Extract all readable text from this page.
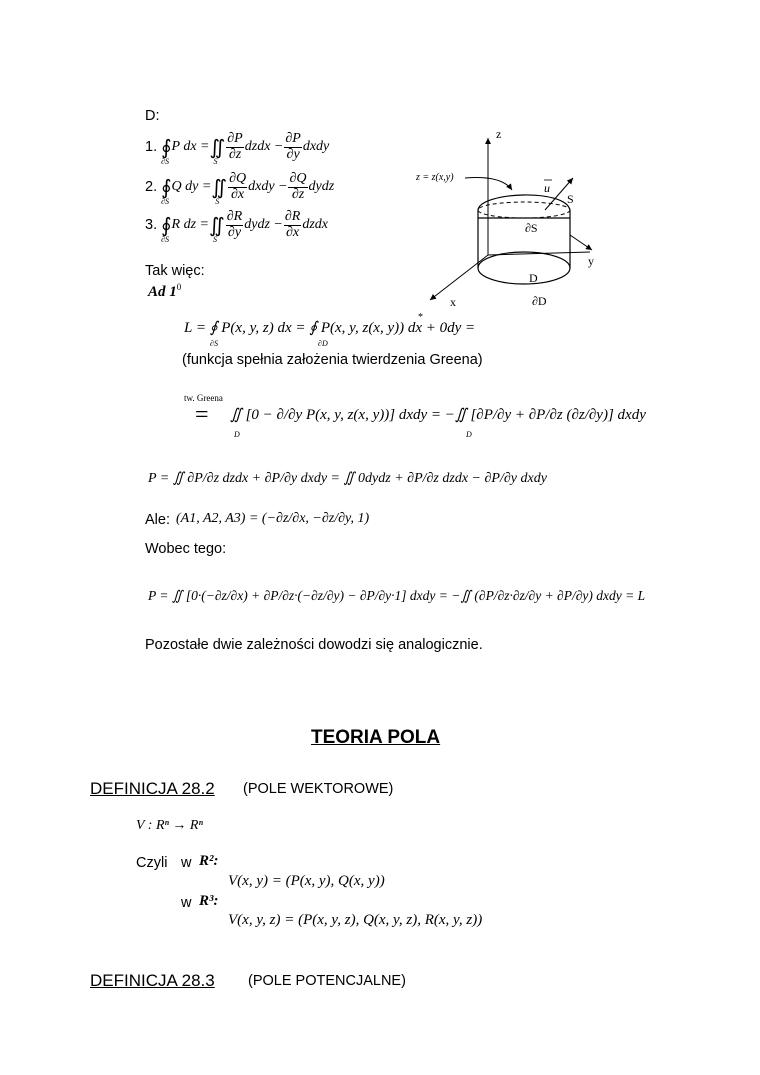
D:
1. ∮
∂S
P dx = ∬
S $\frac{\partial P}{\partial z}$ dzdx − $\frac{\partial P}{\partial y}$ dxdy
2. ∮
∂S
Q dy = ∬
S $\frac{\partial Q}{\partial x}$ dxdy − $\frac{\partial Q}{\partial z}$ dydz
3. ∮
∂S
R dz = ∬
S $\frac{\partial R}{\partial y}$ dydz − $\frac{\partial R}{\partial x}$ dzdx
z
y
x
u
S
∂S
z = z(x,y)
D
∂D
Tak więc:
Ad $1^0$
L = ∮ P(x, y, z) dx = ∮ P(x, y, z(x, y)) dx + 0dy =
∂S	∂D
*
(funkcja spełnia założenia twierdzenia Greena)
tw. Greena
= ∬ [0 − ∂/∂y P(x, y, z(x, y))] dxdy = −∬ [∂P/∂y + ∂P/∂z (∂z/∂y)] dxdy
D	D
P = ∬ ∂P/∂z dzdx + ∂P/∂y dxdy = ∬ 0dydz + ∂P/∂z dzdx − ∂P/∂y dxdy
Ale: (A1, A2, A3) = (−∂z/∂x, −∂z/∂y, 1)
Wobec tego:
P = ∬ [0·(−∂z/∂x) + ∂P/∂z·(−∂z/∂y) − ∂P/∂y·1] dxdy = −∬ (∂P/∂z·∂z/∂y + ∂P/∂y) dxdy = L
Pozostałe dwie zależności dowodzi się analogicznie.
TEORIA POLA
DEFINICJA 28.2 (POLE WEKTOROWE)
V : Rⁿ → Rⁿ
Czyli w R²:
V(x, y) = (P(x, y), Q(x, y))
w R³:
V(x, y, z) = (P(x, y, z), Q(x, y, z), R(x, y, z))
DEFINICJA 28.3 (POLE POTENCJALNE)
